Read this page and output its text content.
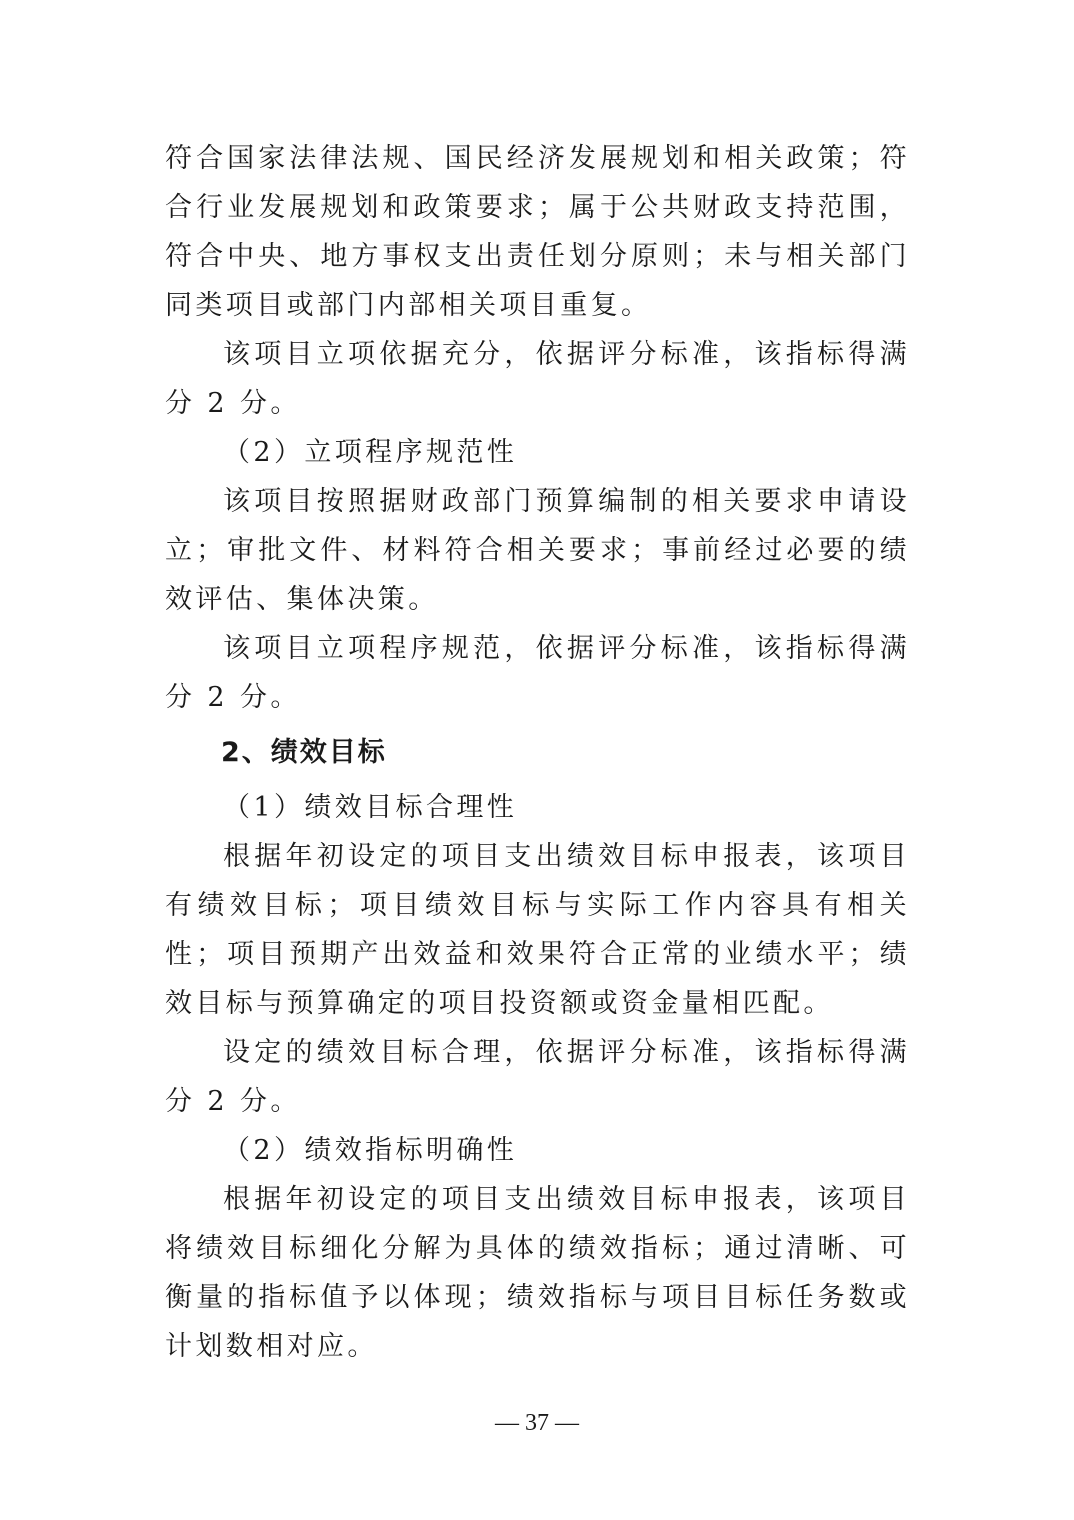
符合国家法律法规、国民经济发展规划和相关政策；符合行业发展规划和政策要求；属于公共财政支持范围，符合中央、地方事权支出责任划分原则；未与相关部门同类项目或部门内部相关项目重复。

该项目立项依据充分，依据评分标准，该指标得满分 2 分。

（2）立项程序规范性

该项目按照据财政部门预算编制的相关要求申请设立；审批文件、材料符合相关要求；事前经过必要的绩效评估、集体决策。

该项目立项程序规范，依据评分标准，该指标得满分 2 分。

2、绩效目标

（1）绩效目标合理性

根据年初设定的项目支出绩效目标申报表，该项目有绩效目标；项目绩效目标与实际工作内容具有相关性；项目预期产出效益和效果符合正常的业绩水平；绩效目标与预算确定的项目投资额或资金量相匹配。

设定的绩效目标合理，依据评分标准，该指标得满分 2 分。

（2）绩效指标明确性

根据年初设定的项目支出绩效目标申报表，该项目将绩效目标细化分解为具体的绩效指标；通过清晰、可衡量的指标值予以体现；绩效指标与项目目标任务数或计划数相对应。

— 37 —
